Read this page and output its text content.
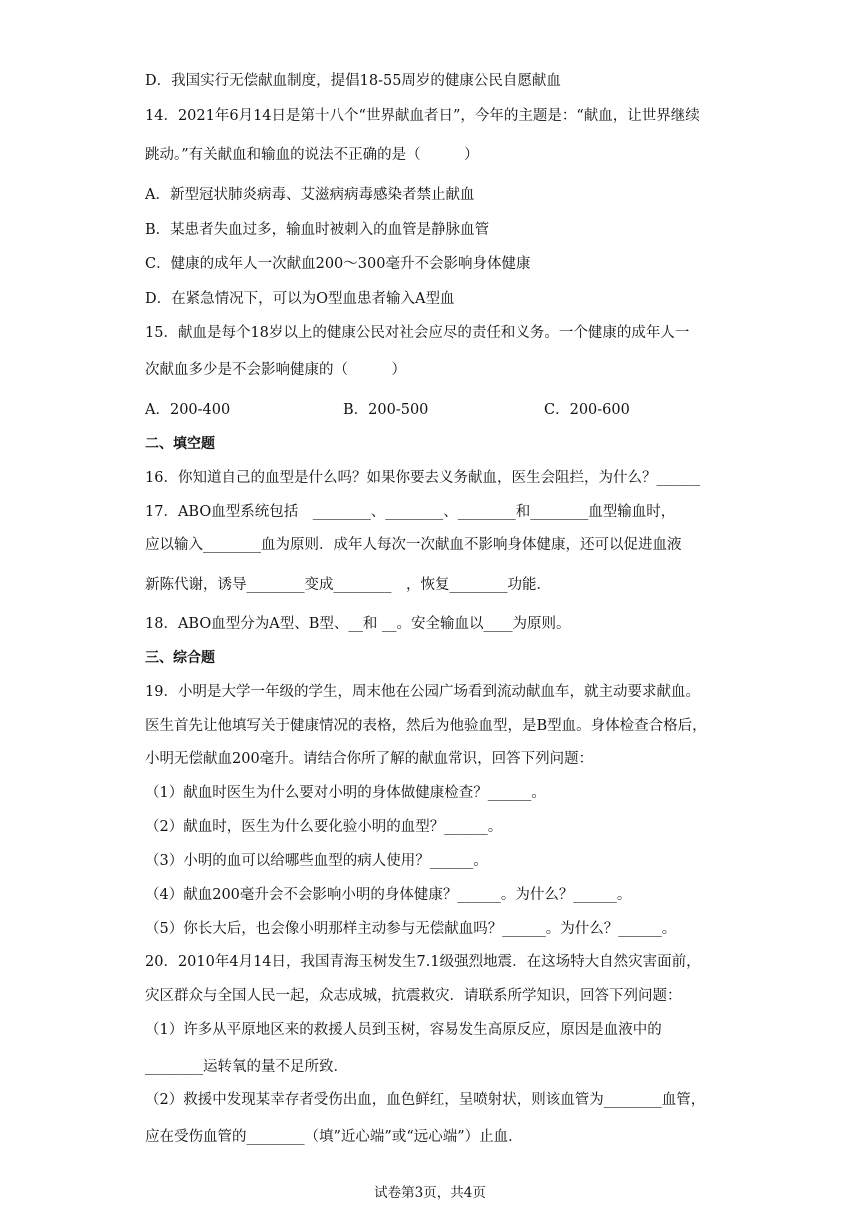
D．我国实行无偿献血制度，提倡18-55周岁的健康公民自愿献血
14．2021年6月14日是第十八个“世界献血者日”，今年的主题是：“献血，让世界继续
跳动。”有关献血和输血的说法不正确的是（　　　）
A．新型冠状肺炎病毒、艾滋病病毒感染者禁止献血
B．某患者失血过多，输血时被刺入的血管是静脉血管
C．健康的成年人一次献血200～300毫升不会影响身体健康
D．在紧急情况下，可以为O型血患者输入A型血
15．献血是每个18岁以上的健康公民对社会应尽的责任和义务。一个健康的成年人一
次献血多少是不会影响健康的（　　　）
A．200-400	B．200-500	C．200-600
二、填空题
16．你知道自己的血型是什么吗？如果你要去义务献血，医生会阻拦，为什么？______
17．ABO血型系统包括　________、________、________和________血型输血时，
应以输入________血为原则．成年人每次一次献血不影响身体健康，还可以促进血液
新陈代谢，诱导________变成________　，恢复________功能．
18．ABO血型分为A型、B型、__和 __。安全输血以____为原则。
三、综合题
19．小明是大学一年级的学生，周末他在公园广场看到流动献血车，就主动要求献血。
医生首先让他填写关于健康情况的表格，然后为他验血型，是B型血。身体检查合格后，
小明无偿献血200毫升。请结合你所了解的献血常识，回答下列问题：
（1）献血时医生为什么要对小明的身体做健康检查？______。
（2）献血时，医生为什么要化验小明的血型？______。
（3）小明的血可以给哪些血型的病人使用？______。
（4）献血200毫升会不会影响小明的身体健康？______。为什么？______。
（5）你长大后，也会像小明那样主动参与无偿献血吗？______。为什么？______。
20．2010年4月14日，我国青海玉树发生7.1级强烈地震．在这场特大自然灾害面前，
灾区群众与全国人民一起，众志成城，抗震救灾．请联系所学知识，回答下列问题：
（1）许多从平原地区来的救援人员到玉树，容易发生高原反应，原因是血液中的
________运转氧的量不足所致．
（2）救援中发现某幸存者受伤出血，血色鲜红，呈喷射状，则该血管为________血管，
应在受伤血管的________（填”近心端”或“远心端”）止血．
试卷第3页，共4页
